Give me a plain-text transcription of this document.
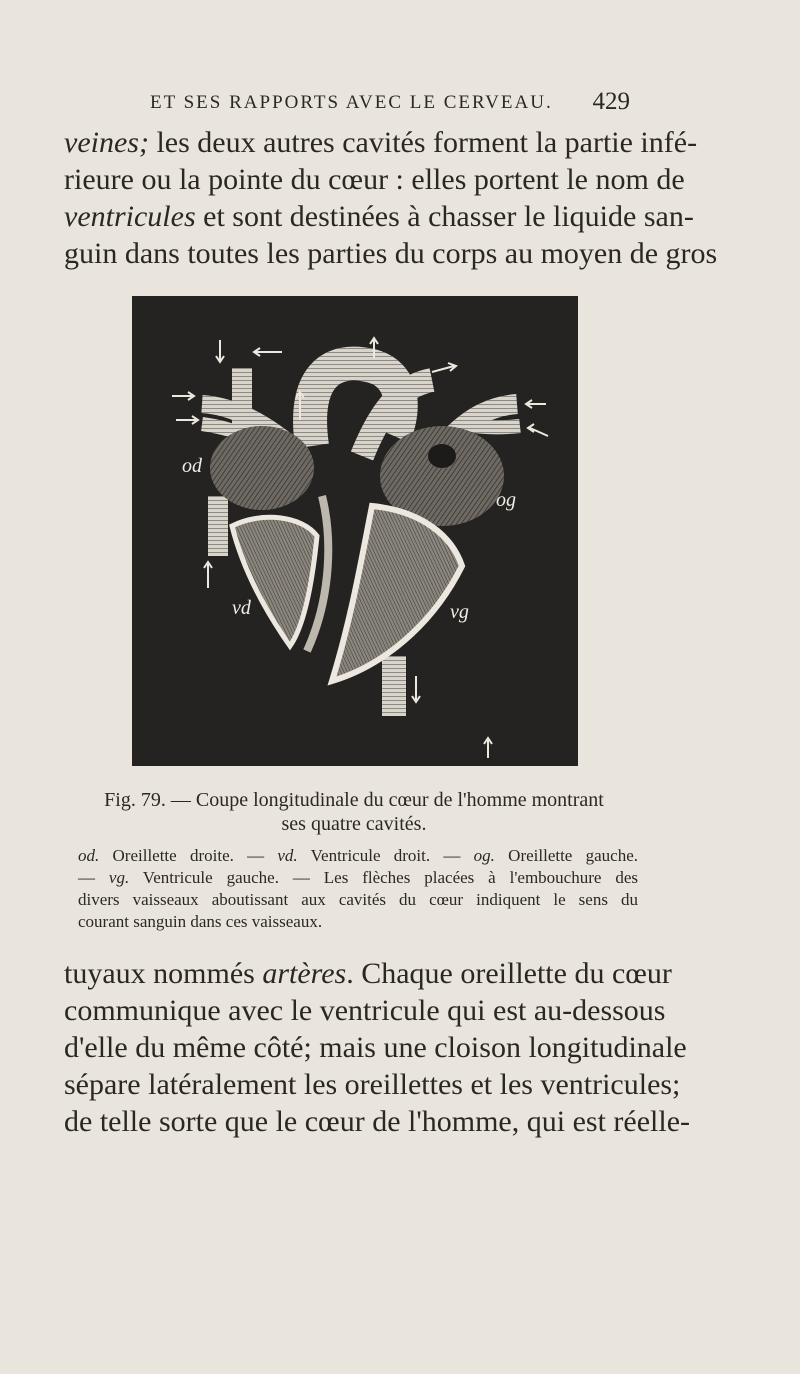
ET SES RAPPORTS AVEC LE CERVEAU. 429

veines; les deux autres cavités forment la partie infé-
rieure ou la pointe du cœur : elles portent le nom de
ventricules et sont destinées à chasser le liquide san-
guin dans toutes les parties du corps au moyen de gros

od
og
vd	vg
Fig. 79. — Coupe longitudinale du cœur de l'homme montrant
ses quatre cavités.
od. Oreillette droite. — vd. Ventricule droit. — og. Oreillette gauche.
— vg. Ventricule gauche. — Les flèches placées à l'embouchure des
divers vaisseaux aboutissant aux cavités du cœur indiquent le sens du
courant sanguin dans ces vaisseaux.

tuyaux nommés artères. Chaque oreillette du cœur
communique avec le ventricule qui est au-dessous
d'elle du même côté; mais une cloison longitudinale
sépare latéralement les oreillettes et les ventricules;
de telle sorte que le cœur de l'homme, qui est réelle-
